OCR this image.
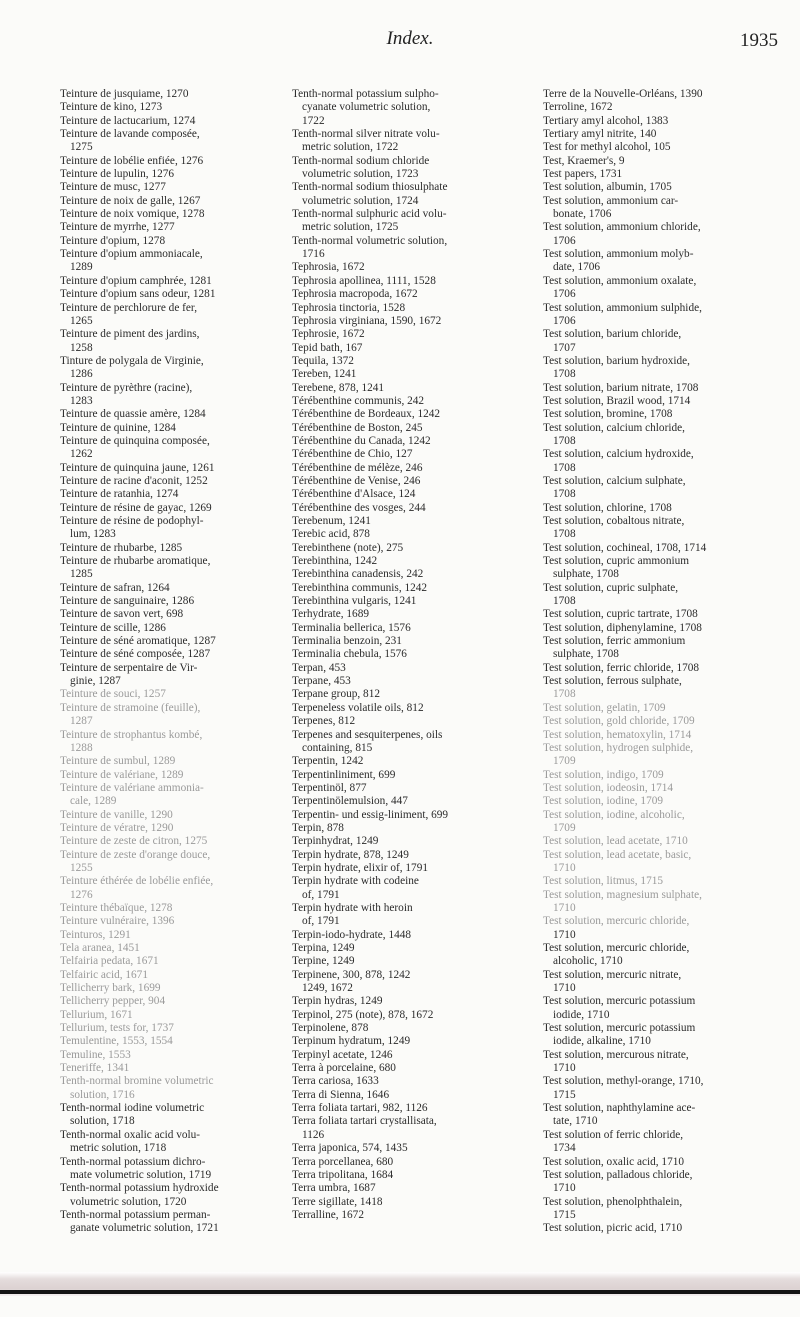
Index.	1935

Teinture de jusquiame, 1270

Teinture de kino, 1273

Teinture de lactucarium, 1274

Teinture de lavande composée,

1275

Teinture de lobélie enfiée, 1276

Teinture de lupulin, 1276

Teinture de musc, 1277

Teinture de noix de galle, 1267

Teinture de noix vomique, 1278

Teinture de myrrhe, 1277

Teinture d'opium, 1278

Teinture d'opium ammoniacale,

1289

Teinture d'opium camphrée, 1281

Teinture d'opium sans odeur, 1281

Teinture de perchlorure de fer,

1265

Teinture de piment des jardins,

1258

Tinture de polygala de Virginie,

1286

Teinture de pyrèthre (racine),

1283

Teinture de quassie amère, 1284

Teinture de quinine, 1284

Teinture de quinquina composée,

1262

Teinture de quinquina jaune, 1261

Teinture de racine d'aconit, 1252

Teinture de ratanhia, 1274

Teinture de résine de gayac, 1269

Teinture de résine de podophyl-

lum, 1283

Teinture de rhubarbe, 1285

Teinture de rhubarbe aromatique,

1285

Teinture de safran, 1264

Teinture de sanguinaire, 1286

Teinture de savon vert, 698

Teinture de scille, 1286

Teinture de séné aromatique, 1287

Teinture de séné composée, 1287

Teinture de serpentaire de Vir-

ginie, 1287

Teinture de souci, 1257

Teinture de stramoine (feuille),

1287

Teinture de strophantus kombé,

1288

Teinture de sumbul, 1289

Teinture de valériane, 1289

Teinture de valériane ammonia-

cale, 1289

Teinture de vanille, 1290

Teinture de vératre, 1290

Teinture de zeste de citron, 1275

Teinture de zeste d'orange douce,

1255

Teinture éthérée de lobélie enfiée,

1276

Teinture thébaïque, 1278

Teinture vulnéraire, 1396

Teinturos, 1291

Tela aranea, 1451

Telfairia pedata, 1671

Telfairic acid, 1671

Tellicherry bark, 1699

Tellicherry pepper, 904

Tellurium, 1671

Tellurium, tests for, 1737

Temulentine, 1553, 1554

Temuline, 1553

Teneriffe, 1341

Tenth-normal bromine volumetric

solution, 1716

Tenth-normal iodine volumetric

solution, 1718

Tenth-normal oxalic acid volu-

metric solution, 1718

Tenth-normal potassium dichro-

mate volumetric solution, 1719

Tenth-normal potassium hydroxide

volumetric solution, 1720

Tenth-normal potassium perman-

ganate volumetric solution, 1721

Tenth-normal potassium sulpho-

cyanate volumetric solution,

1722

Tenth-normal silver nitrate volu-

metric solution, 1722

Tenth-normal sodium chloride

volumetric solution, 1723

Tenth-normal sodium thiosulphate

volumetric solution, 1724

Tenth-normal sulphuric acid volu-

metric solution, 1725

Tenth-normal volumetric solution,

1716

Tephrosia, 1672

Tephrosia apollinea, 1111, 1528

Tephrosia macropoda, 1672

Tephrosia tinctoria, 1528

Tephrosia virginiana, 1590, 1672

Tephrosie, 1672

Tepid bath, 167

Tequila, 1372

Tereben, 1241

Terebene, 878, 1241

Térébenthine communis, 242

Térébenthine de Bordeaux, 1242

Térébenthine de Boston, 245

Térébenthine du Canada, 1242

Térébenthine de Chio, 127

Térébenthine de mélèze, 246

Térébenthine de Venise, 246

Térébenthine d'Alsace, 124

Térébenthine des vosges, 244

Terebenum, 1241

Terebic acid, 878

Terebinthene (note), 275

Terebinthina, 1242

Terebinthina canadensis, 242

Terebinthina communis, 1242

Terebinthina vulgaris, 1241

Terhydrate, 1689

Terminalia bellerica, 1576

Terminalia benzoin, 231

Terminalia chebula, 1576

Terpan, 453

Terpane, 453

Terpane group, 812

Terpeneless volatile oils, 812

Terpenes, 812

Terpenes and sesquiterpenes, oils

containing, 815

Terpentin, 1242

Terpentinliniment, 699

Terpentinöl, 877

Terpentinölemulsion, 447

Terpentin- und essig-liniment, 699

Terpin, 878

Terpinhydrat, 1249

Terpin hydrate, 878, 1249

Terpin hydrate, elixir of, 1791

Terpin hydrate with codeine

of, 1791

Terpin hydrate with heroin

of, 1791

Terpin-iodo-hydrate, 1448

Terpina, 1249

Terpine, 1249

Terpinene, 300, 878, 1242

1249, 1672

Terpin hydras, 1249

Terpinol, 275 (note), 878, 1672

Terpinolene, 878

Terpinum hydratum, 1249

Terpinyl acetate, 1246

Terra à porcelaine, 680

Terra cariosa, 1633

Terra di Sienna, 1646

Terra foliata tartari, 982, 1126

Terra foliata tartari crystallisata,

1126

Terra japonica, 574, 1435

Terra porcellanea, 680

Terra tripolitana, 1684

Terra umbra, 1687

Terre sigillate, 1418

Terralline, 1672

Terre de la Nouvelle-Orléans, 1390

Terroline, 1672

Tertiary amyl alcohol, 1383

Tertiary amyl nitrite, 140

Test for methyl alcohol, 105

Test, Kraemer's, 9

Test papers, 1731

Test solution, albumin, 1705

Test solution, ammonium car-

bonate, 1706

Test solution, ammonium chloride,

1706

Test solution, ammonium molyb-

date, 1706

Test solution, ammonium oxalate,

1706

Test solution, ammonium sulphide,

1706

Test solution, barium chloride,

1707

Test solution, barium hydroxide,

1708

Test solution, barium nitrate, 1708

Test solution, Brazil wood, 1714

Test solution, bromine, 1708

Test solution, calcium chloride,

1708

Test solution, calcium hydroxide,

1708

Test solution, calcium sulphate,

1708

Test solution, chlorine, 1708

Test solution, cobaltous nitrate,

1708

Test solution, cochineal, 1708, 1714

Test solution, cupric ammonium

sulphate, 1708

Test solution, cupric sulphate,

1708

Test solution, cupric tartrate, 1708

Test solution, diphenylamine, 1708

Test solution, ferric ammonium

sulphate, 1708

Test solution, ferric chloride, 1708

Test solution, ferrous sulphate,

1708

Test solution, gelatin, 1709

Test solution, gold chloride, 1709

Test solution, hematoxylin, 1714

Test solution, hydrogen sulphide,

1709

Test solution, indigo, 1709

Test solution, iodeosin, 1714

Test solution, iodine, 1709

Test solution, iodine, alcoholic,

1709

Test solution, lead acetate, 1710

Test solution, lead acetate, basic,

1710

Test solution, litmus, 1715

Test solution, magnesium sulphate,

1710

Test solution, mercuric chloride,

1710

Test solution, mercuric chloride,

alcoholic, 1710

Test solution, mercuric nitrate,

1710

Test solution, mercuric potassium

iodide, 1710

Test solution, mercuric potassium

iodide, alkaline, 1710

Test solution, mercurous nitrate,

1710

Test solution, methyl-orange, 1710,

1715

Test solution, naphthylamine ace-

tate, 1710

Test solution of ferric chloride,

1734

Test solution, oxalic acid, 1710

Test solution, palladous chloride,

1710

Test solution, phenolphthalein,

1715

Test solution, picric acid, 1710
